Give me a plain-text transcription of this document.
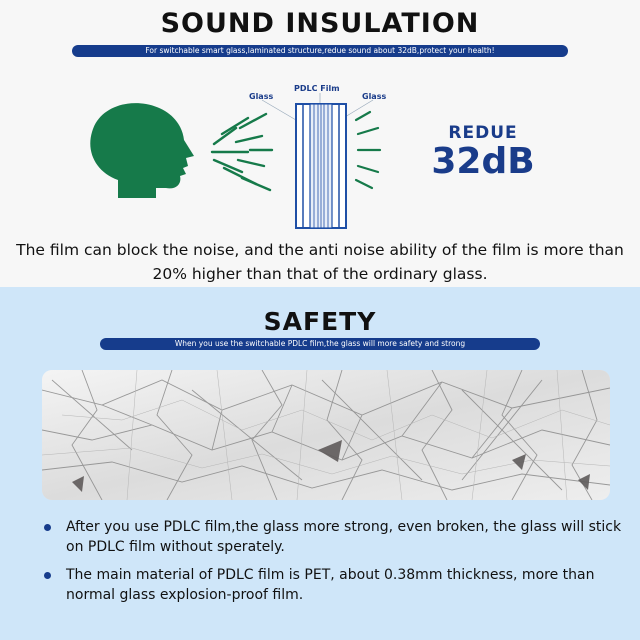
SOUND INSULATION
For switchable smart glass,laminated structure,redue sound about 32dB,protect your health!
Glass
PDLC Film
Glass
REDUE
32dB
The film can block the noise, and the anti noise ability of the film is more than 20% higher than that of the ordinary glass.
SAFETY
When you use the switchable PDLC film,the glass will more safety and strong
After you use PDLC film,the glass more strong, even broken, the glass will stick on PDLC film without sperately.
The main material of PDLC film is PET, about 0.38mm thickness, more than normal glass explosion-proof film.
